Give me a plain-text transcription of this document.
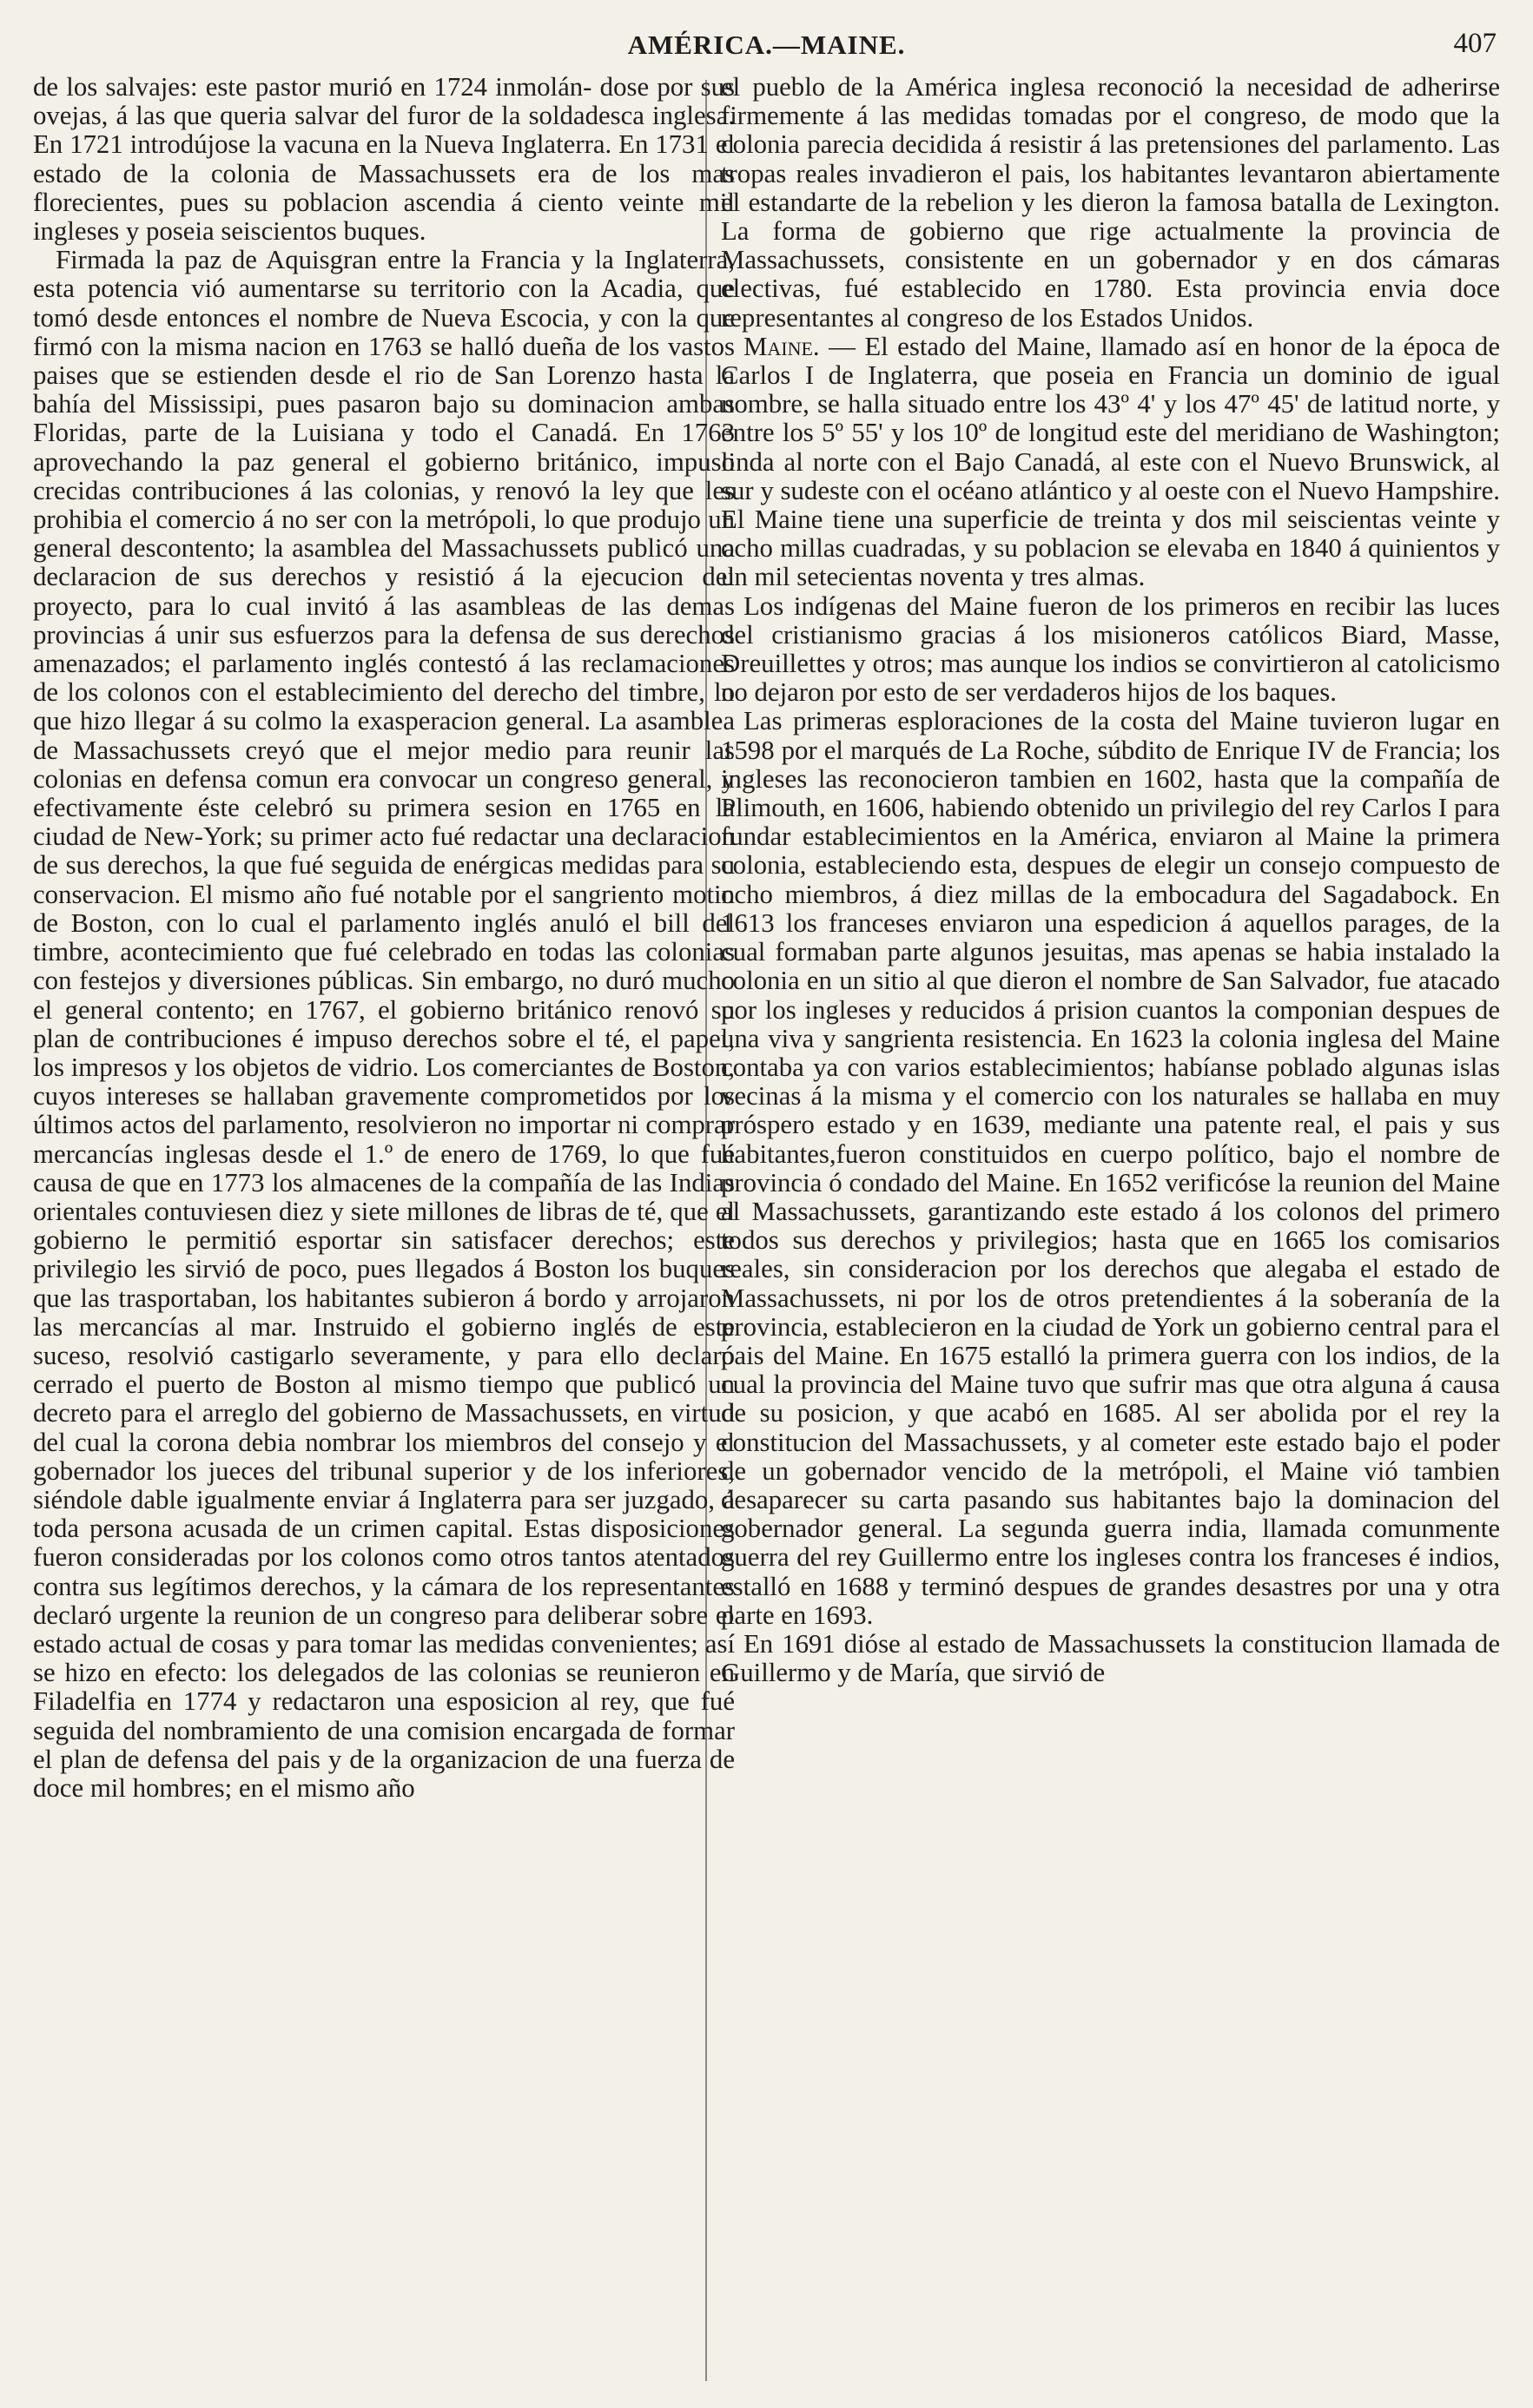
AMÉRICA.—MAINE.	407

de los salvajes: este pastor murió en 1724 inmolán- dose por sus ovejas, á las que queria salvar del furor de la soldadesca inglesa. En 1721 introdújose la vacuna en la Nueva Inglaterra. En 1731 el estado de la colonia de Massachussets era de los mas florecientes, pues su poblacion ascendia á ciento veinte mil ingleses y poseia seiscientos buques.

Firmada la paz de Aquisgran entre la Francia y la Inglaterra, esta potencia vió aumentarse su territorio con la Acadia, que tomó desde entonces el nombre de Nueva Escocia, y con la que firmó con la misma nacion en 1763 se halló dueña de los vastos paises que se estienden desde el rio de San Lorenzo hasta la bahía del Mississipi, pues pasaron bajo su dominacion ambas Floridas, parte de la Luisiana y todo el Canadá. En 1763 aprovechando la paz general el gobierno británico, impuso crecidas contribuciones á las colonias, y renovó la ley que les prohibia el comercio á no ser con la metrópoli, lo que produjo un general descontento; la asamblea del Massachussets publicó una declaracion de sus derechos y resistió á la ejecucion del proyecto, para lo cual invitó á las asambleas de las demas provincias á unir sus esfuerzos para la defensa de sus derechos amenazados; el parlamento inglés contestó á las reclamaciones de los colonos con el establecimiento del derecho del timbre, lo que hizo llegar á su colmo la exasperacion general. La asamblea de Massachussets creyó que el mejor medio para reunir las colonias en defensa comun era convocar un congreso general, y efectivamente éste celebró su primera sesion en 1765 en la ciudad de New-York; su primer acto fué redactar una declaracion de sus derechos, la que fué seguida de enérgicas medidas para su conservacion. El mismo año fué notable por el sangriento motin de Boston, con lo cual el parlamento inglés anuló el bill del timbre, acontecimiento que fué celebrado en todas las colonias con festejos y diversiones públicas. Sin embargo, no duró mucho el general contento; en 1767, el gobierno británico renovó su plan de contribuciones é impuso derechos sobre el té, el papel, los impresos y los objetos de vidrio. Los comerciantes de Boston, cuyos intereses se hallaban gravemente comprometidos por los últimos actos del parlamento, resolvieron no importar ni comprar mercancías inglesas desde el 1.º de enero de 1769, lo que fué causa de que en 1773 los almacenes de la compañía de las Indias orientales contuviesen diez y siete millones de libras de té, que el gobierno le permitió esportar sin satisfacer derechos; este privilegio les sirvió de poco, pues llegados á Boston los buques que las trasportaban, los habitantes subieron á bordo y arrojaron las mercancías al mar. Instruido el gobierno inglés de este suceso, resolvió castigarlo severamente, y para ello declaró cerrado el puerto de Boston al mismo tiempo que publicó un decreto para el arreglo del gobierno de Massachussets, en virtud del cual la corona debia nombrar los miembros del consejo y el gobernador los jueces del tribunal superior y de los inferiores, siéndole dable igualmente enviar á Inglaterra para ser juzgado, á toda persona acusada de un crimen capital. Estas disposiciones fueron consideradas por los colonos como otros tantos atentados contra sus legítimos derechos, y la cámara de los representantes declaró urgente la reunion de un congreso para deliberar sobre el estado actual de cosas y para tomar las medidas convenientes; así se hizo en efecto: los delegados de las colonias se reunieron en Filadelfia en 1774 y redactaron una esposicion al rey, que fué seguida del nombramiento de una comision encargada de formar el plan de defensa del pais y de la organizacion de una fuerza de doce mil hombres; en el mismo año

el pueblo de la América inglesa reconoció la necesidad de adherirse firmemente á las medidas tomadas por el congreso, de modo que la colonia parecia decidida á resistir á las pretensiones del parlamento. Las tropas reales invadieron el pais, los habitantes levantaron abiertamente el estandarte de la rebelion y les dieron la famosa batalla de Lexington. La forma de gobierno que rige actualmente la provincia de Massachussets, consistente en un gobernador y en dos cámaras electivas, fué establecido en 1780. Esta provincia envia doce representantes al congreso de los Estados Unidos.

Maine. — El estado del Maine, llamado así en honor de la época de Carlos I de Inglaterra, que poseia en Francia un dominio de igual nombre, se halla situado entre los 43º 4' y los 47º 45' de latitud norte, y entre los 5º 55' y los 10º de longitud este del meridiano de Washington; linda al norte con el Bajo Canadá, al este con el Nuevo Brunswick, al sur y sudeste con el océano atlántico y al oeste con el Nuevo Hampshire. El Maine tiene una superficie de treinta y dos mil seiscientas veinte y ocho millas cuadradas, y su poblacion se elevaba en 1840 á quinientos y un mil setecientas noventa y tres almas.

Los indígenas del Maine fueron de los primeros en recibir las luces del cristianismo gracias á los misioneros católicos Biard, Masse, Dreuillettes y otros; mas aunque los indios se convirtieron al catolicismo no dejaron por esto de ser verdaderos hijos de los baques.

Las primeras esploraciones de la costa del Maine tuvieron lugar en 1598 por el marqués de La Roche, súbdito de Enrique IV de Francia; los ingleses las reconocieron tambien en 1602, hasta que la compañía de Plimouth, en 1606, habiendo obtenido un privilegio del rey Carlos I para fundar establecimientos en la América, enviaron al Maine la primera colonia, estableciendo esta, despues de elegir un consejo compuesto de ocho miembros, á diez millas de la embocadura del Sagadabock. En 1613 los franceses enviaron una espedicion á aquellos parages, de la cual formaban parte algunos jesuitas, mas apenas se habia instalado la colonia en un sitio al que dieron el nombre de San Salvador, fue atacado por los ingleses y reducidos á prision cuantos la componian despues de una viva y sangrienta resistencia. En 1623 la colonia inglesa del Maine contaba ya con varios establecimientos; habíanse poblado algunas islas vecinas á la misma y el comercio con los naturales se hallaba en muy próspero estado y en 1639, mediante una patente real, el pais y sus habitantes,fueron constituidos en cuerpo político, bajo el nombre de provincia ó condado del Maine. En 1652 verificóse la reunion del Maine al Massachussets, garantizando este estado á los colonos del primero todos sus derechos y privilegios; hasta que en 1665 los comisarios reales, sin consideracion por los derechos que alegaba el estado de Massachussets, ni por los de otros pretendientes á la soberanía de la provincia, establecieron en la ciudad de York un gobierno central para el pais del Maine. En 1675 estalló la primera guerra con los indios, de la cual la provincia del Maine tuvo que sufrir mas que otra alguna á causa de su posicion, y que acabó en 1685. Al ser abolida por el rey la constitucion del Massachussets, y al cometer este estado bajo el poder de un gobernador vencido de la metrópoli, el Maine vió tambien desaparecer su carta pasando sus habitantes bajo la dominacion del gobernador general. La segunda guerra india, llamada comunmente guerra del rey Guillermo entre los ingleses contra los franceses é indios, estalló en 1688 y terminó despues de grandes desastres por una y otra parte en 1693.

En 1691 dióse al estado de Massachussets la constitucion llamada de Guillermo y de María, que sirvió de
